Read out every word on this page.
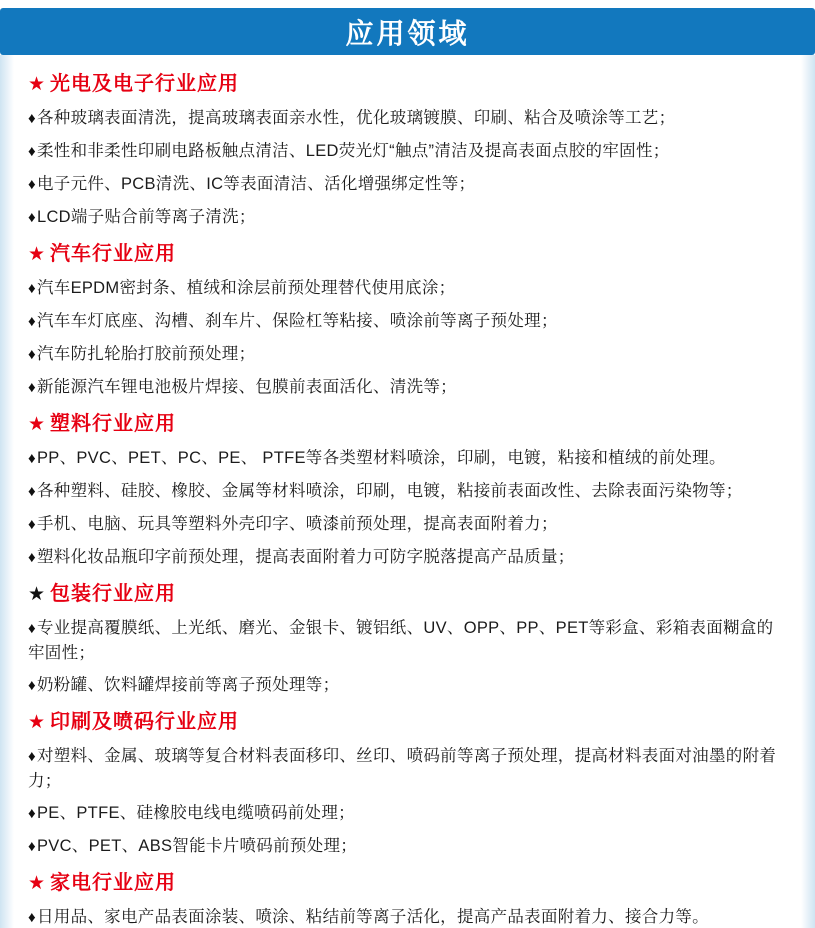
应用领域
★ 光电及电子行业应用

♦各种玻璃表面清洗，提高玻璃表面亲水性，优化玻璃镀膜、印刷、粘合及喷涂等工艺；

♦柔性和非柔性印刷电路板触点清洁、LED荧光灯“触点”清洁及提高表面点胶的牢固性；

♦电子元件、PCB清洗、IC等表面清洁、活化增强绑定性等；

♦LCD端子贴合前等离子清洗；

★ 汽车行业应用

♦汽车EPDM密封条、植绒和涂层前预处理替代使用底涂；

♦汽车车灯底座、沟槽、刹车片、保险杠等粘接、喷涂前等离子预处理；

♦汽车防扎轮胎打胶前预处理；

♦新能源汽车锂电池极片焊接、包膜前表面活化、清洗等；

★ 塑料行业应用

♦PP、PVC、PET、PC、PE、 PTFE等各类塑材料喷涂，印刷，电镀，粘接和植绒的前处理。

♦各种塑料、硅胶、橡胶、金属等材料喷涂，印刷，电镀，粘接前表面改性、去除表面污染物等；

♦手机、电脑、玩具等塑料外壳印字、喷漆前预处理，提高表面附着力；

♦塑料化妆品瓶印字前预处理，提高表面附着力可防字脱落提高产品质量；

★ 包装行业应用

♦专业提高覆膜纸、上光纸、磨光、金银卡、镀铝纸、UV、OPP、PP、PET等彩盒、彩箱表面糊盒的牢固性；

♦奶粉罐、饮料罐焊接前等离子预处理等；

★ 印刷及喷码行业应用

♦对塑料、金属、玻璃等复合材料表面移印、丝印、喷码前等离子预处理，提高材料表面对油墨的附着力；

♦PE、PTFE、硅橡胶电线电缆喷码前处理；

♦PVC、PET、ABS智能卡片喷码前预处理；

★ 家电行业应用

♦日用品、家电产品表面涂装、喷涂、粘结前等离子活化，提高产品表面附着力、接合力等。
